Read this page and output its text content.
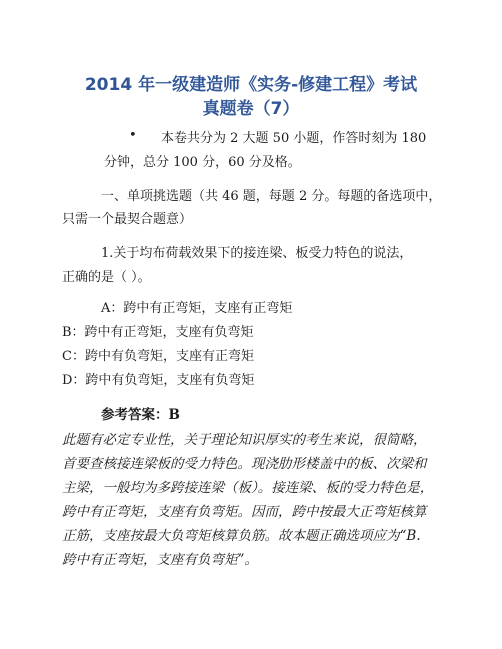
2014 年一级建造师《实务-修建工程》考试
真题卷（7）
• 本卷共分为 2 大题 50 小题，作答时刻为 180
分钟，总分 100 分，60 分及格。
一、单项挑选题（共 46 题，每题 2 分。每题的备选项中，
只需一个最契合题意）
1.关于均布荷载效果下的接连梁、板受力特色的说法，
正确的是（ ）。
A：跨中有正弯矩，支座有正弯矩
B：跨中有正弯矩，支座有负弯矩
C：跨中有负弯矩，支座有正弯矩
D：跨中有负弯矩，支座有负弯矩
参考答案：B
此题有必定专业性，关于理论知识厚实的考生来说，很简略，
首要查核接连梁板的受力特色。现浇肋形楼盖中的板、次梁和
主梁，一般均为多跨接连梁（板）。接连梁、板的受力特色是，
跨中有正弯矩，支座有负弯矩。因而，跨中按最大正弯矩核算
正筋，支座按最大负弯矩核算负筋。故本题正确选项应为“B.
跨中有正弯矩，支座有负弯矩”。
